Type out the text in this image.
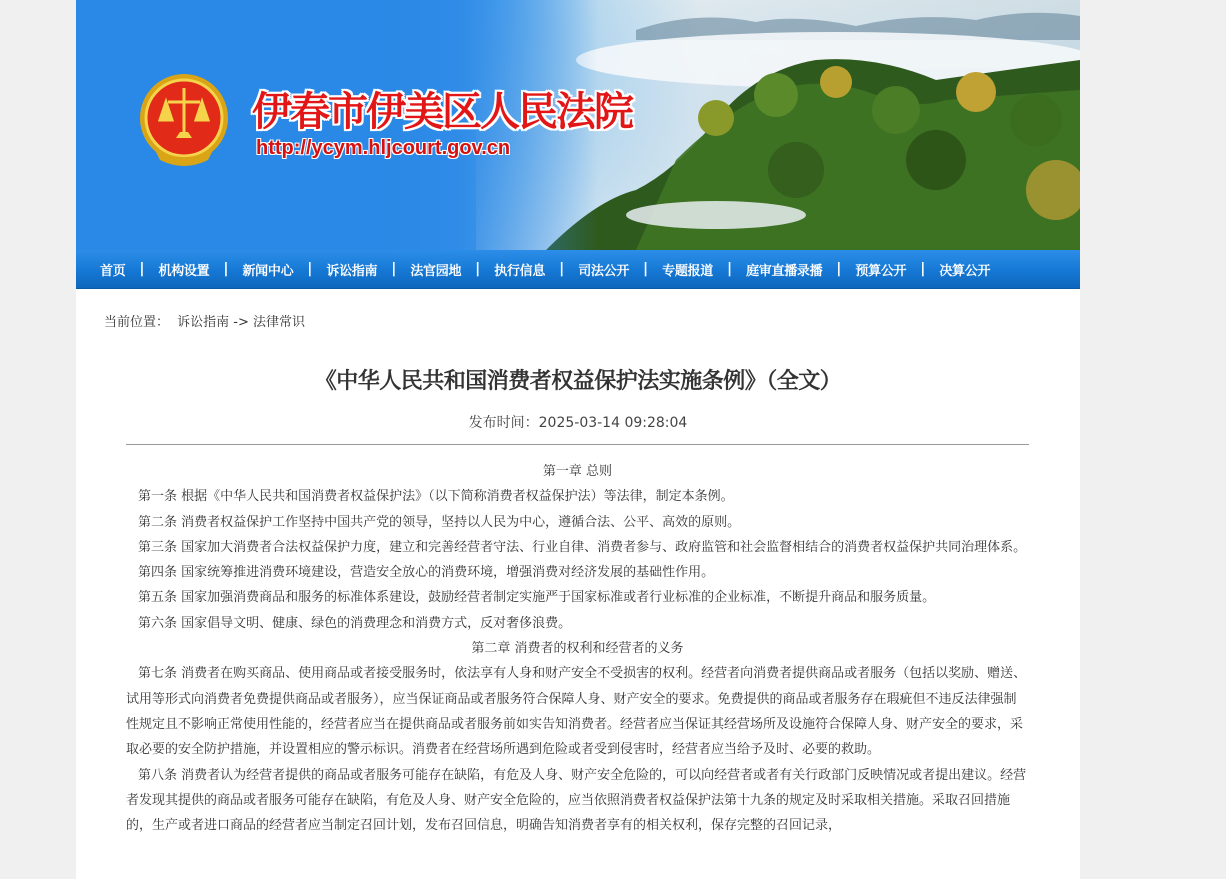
伊春市伊美区人民法院
http://ycym.hljcourt.gov.cn
首页	|	机构设置	|	新闻中心	|	诉讼指南	|	法官园地	|	执行信息	|	司法公开	|	专题报道	|	庭审直播录播	|	预算公开	|	决算公开
当前位置： 诉讼指南 -> 法律常识
《中华人民共和国消费者权益保护法实施条例》（全文）
发布时间：2025-03-14 09:28:04

第一章 总则

第一条 根据《中华人民共和国消费者权益保护法》（以下简称消费者权益保护法）等法律，制定本条例。

第二条 消费者权益保护工作坚持中国共产党的领导，坚持以人民为中心，遵循合法、公平、高效的原则。

第三条 国家加大消费者合法权益保护力度，建立和完善经营者守法、行业自律、消费者参与、政府监管和社会监督相结合的消费者权益保护共同治理体系。

第四条 国家统筹推进消费环境建设，营造安全放心的消费环境，增强消费对经济发展的基础性作用。

第五条 国家加强消费商品和服务的标准体系建设，鼓励经营者制定实施严于国家标准或者行业标准的企业标准，不断提升商品和服务质量。

第六条 国家倡导文明、健康、绿色的消费理念和消费方式，反对奢侈浪费。

第二章 消费者的权利和经营者的义务

第七条 消费者在购买商品、使用商品或者接受服务时，依法享有人身和财产安全不受损害的权利。经营者向消费者提供商品或者服务（包括以奖励、赠送、试用等形式向消费者免费提供商品或者服务），应当保证商品或者服务符合保障人身、财产安全的要求。免费提供的商品或者服务存在瑕疵但不违反法律强制性规定且不影响正常使用性能的，经营者应当在提供商品或者服务前如实告知消费者。经营者应当保证其经营场所及设施符合保障人身、财产安全的要求，采取必要的安全防护措施，并设置相应的警示标识。消费者在经营场所遇到危险或者受到侵害时，经营者应当给予及时、必要的救助。

第八条 消费者认为经营者提供的商品或者服务可能存在缺陷，有危及人身、财产安全危险的，可以向经营者或者有关行政部门反映情况或者提出建议。经营者发现其提供的商品或者服务可能存在缺陷，有危及人身、财产安全危险的，应当依照消费者权益保护法第十九条的规定及时采取相关措施。采取召回措施的，生产或者进口商品的经营者应当制定召回计划，发布召回信息，明确告知消费者享有的相关权利，保存完整的召回记录，
